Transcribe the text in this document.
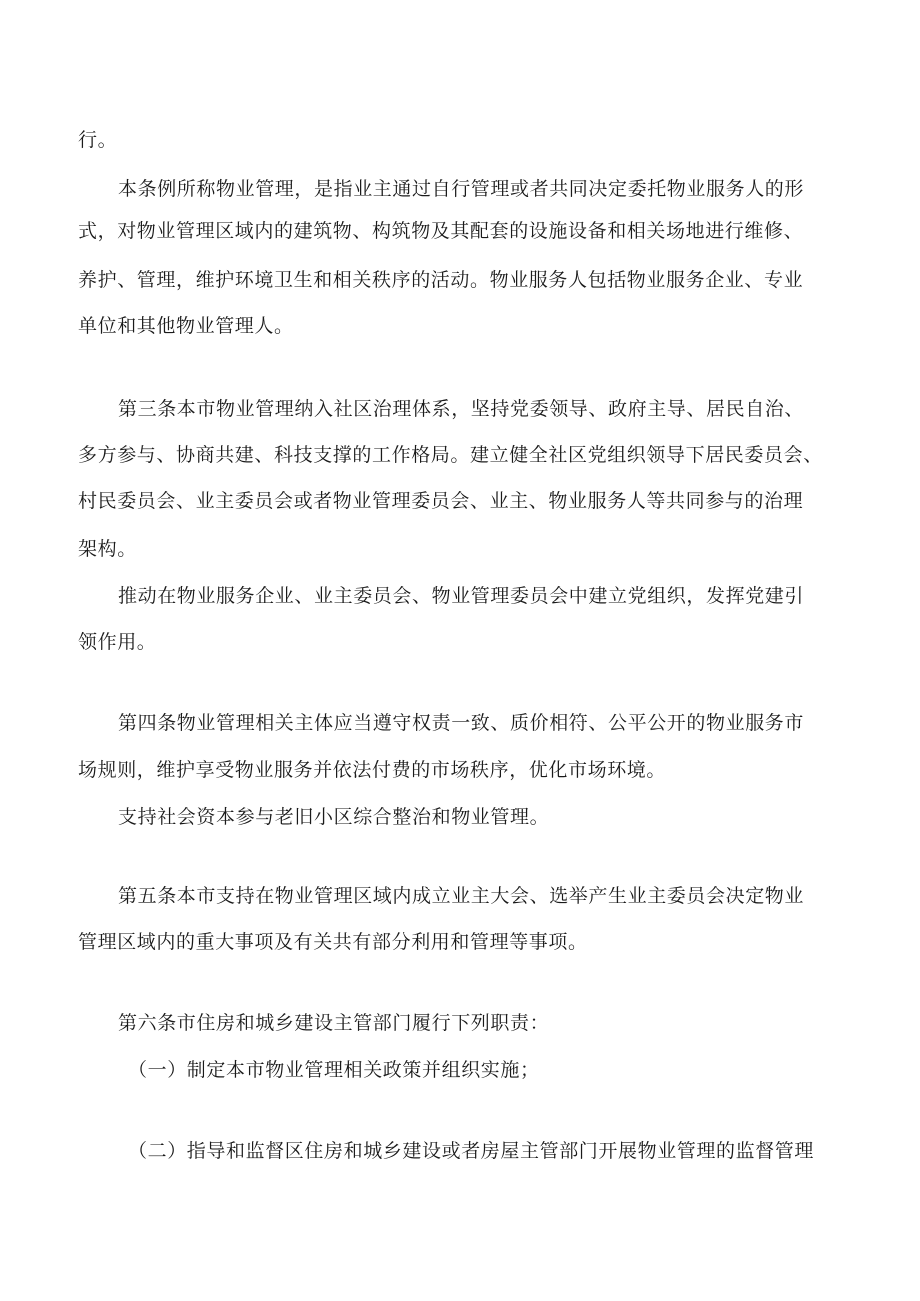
行。
本条例所称物业管理，是指业主通过自行管理或者共同决定委托物业服务人的形
式，对物业管理区域内的建筑物、构筑物及其配套的设施设备和相关场地进行维修、
养护、管理，维护环境卫生和相关秩序的活动。物业服务人包括物业服务企业、专业
单位和其他物业管理人。
第三条本市物业管理纳入社区治理体系，坚持党委领导、政府主导、居民自治、
多方参与、协商共建、科技支撑的工作格局。建立健全社区党组织领导下居民委员会、
村民委员会、业主委员会或者物业管理委员会、业主、物业服务人等共同参与的治理
架构。
推动在物业服务企业、业主委员会、物业管理委员会中建立党组织，发挥党建引
领作用。
第四条物业管理相关主体应当遵守权责一致、质价相符、公平公开的物业服务市
场规则，维护享受物业服务并依法付费的市场秩序，优化市场环境。
支持社会资本参与老旧小区综合整治和物业管理。
第五条本市支持在物业管理区域内成立业主大会、选举产生业主委员会决定物业
管理区域内的重大事项及有关共有部分利用和管理等事项。
第六条市住房和城乡建设主管部门履行下列职责：
（一）制定本市物业管理相关政策并组织实施；
（二）指导和监督区住房和城乡建设或者房屋主管部门开展物业管理的监督管理
